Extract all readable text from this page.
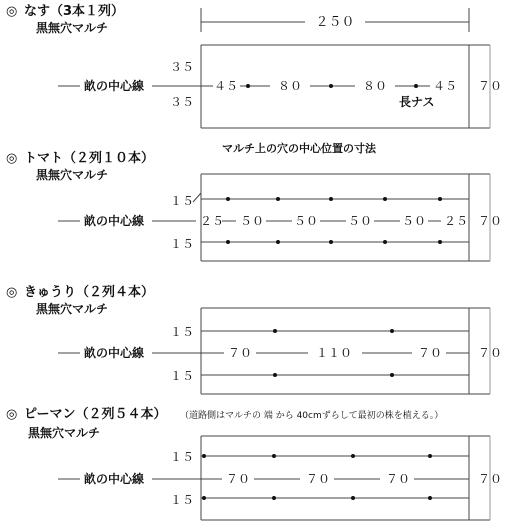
◎ なす（3本１列）
黒無穴マルチ	２５０
畝の中心線
３５
３５
４５	８０	８０	４５ ７０
長ナス
◎ トマト（２列１０本）
マルチ上の穴の中心位置の寸法
黒無穴マルチ
１５
１５
畝の中心線	２５ ５０ ５０ ５０ ５０ ２５ ７０
◎ きゅうり（２列４本）
黒無穴マルチ
１５
１５
畝の中心線	７０	１１０	７０	７０
◎ ピーマン（２列５４本） （道路側はマルチの 端 から 40cmずらして最初の株を植える。）
黒無穴マルチ
１５
１５
畝の中心線	７０	７０	７０	７０
